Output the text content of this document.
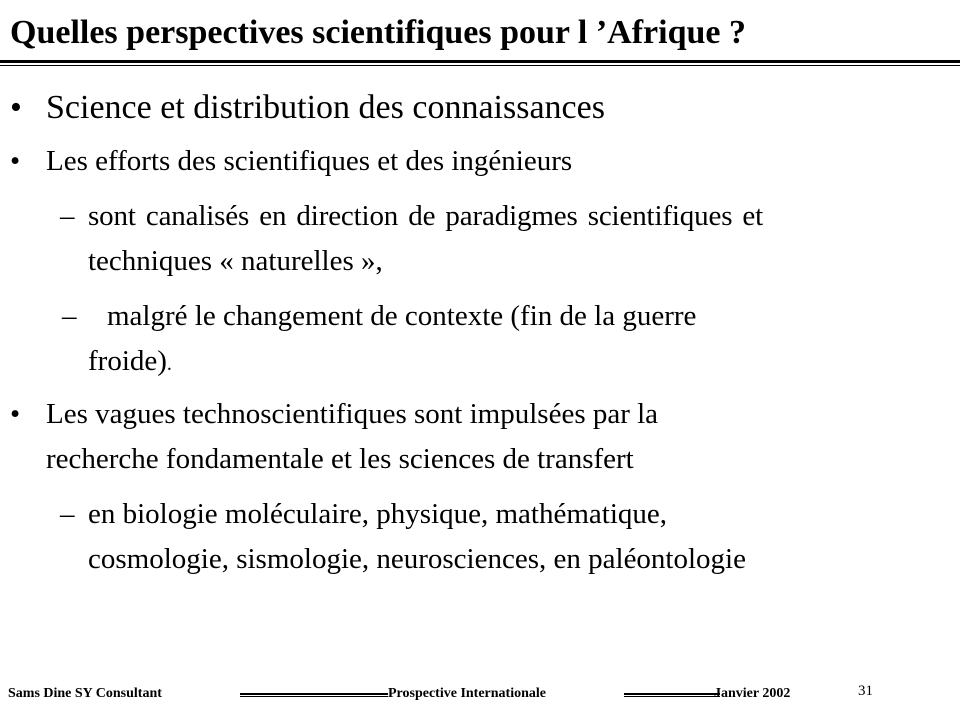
Quelles perspectives scientifiques pour l ’Afrique ?
• Science et distribution des connaissances
• Les efforts des scientifiques et des ingénieurs
– sont canalisés en direction de paradigmes scientifiques et
techniques « naturelles »,
– malgré le changement de contexte (fin de la guerre
froide).
• Les vagues technoscientifiques sont impulsées par la
recherche fondamentale et les sciences de transfert
– en biologie moléculaire, physique, mathématique,
cosmologie, sismologie, neurosciences, en paléontologie
Sams Dine SY Consultant	Prospective Internationale	Janvier 2002	31
